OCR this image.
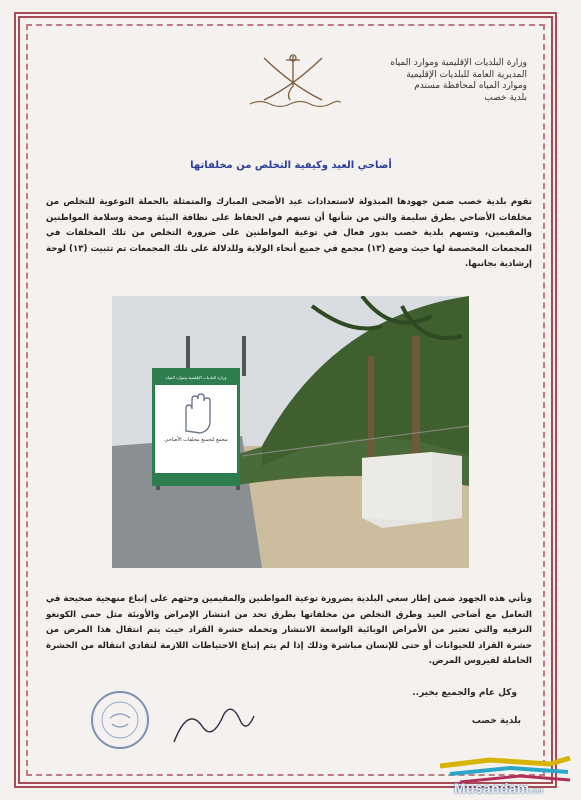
وزارة البلديات الإقليمية وموارد المياه
المديرية العامة للبلديات الإقليمية
وموارد المياه لمحافظة مسندم
بلدية خصب
أضاحي العيد وكيفية التخلص من مخلفاتها
تقوم بلدية خصب ضمن جهودها المبذولة لاستعدادات عيد الأضحى المبارك والمتمثلة بالحملة التوعوية للتخلص من مخلفات الأضاحي بطرق سليمة والتي من شأنها أن تسهم في الحفاظ على نظافة البيئة وصحة وسلامة المواطنين والمقيمين، وتسهم بلدية خصب بدور فعال في توعية المواطنين على ضرورة التخلص من تلك المخلفات في المجمعات المخصصة لها حيث وضع (١٣) مجمع في جميع أنحاء الولاية وللدلالة على تلك المجمعات تم تثبيت (١٣) لوحة إرشادية بجانبها.
وزارة البلديات الإقليمية وموارد المياه
مجمع لتجميع مخلفات الأضاحي
وتأتي هذه الجهود ضمن إطار سعي البلدية بضرورة توعية المواطنين والمقيمين وحثهم على إتباع منهجية صحيحة في التعامل مع أضاحي العيد وطرق التخلص من مخلفاتها بطرق تحد من انتشار الإمراض والأوبئة مثل حمى الكونغو النزفيه والتي تعتبر من الأمراض الوبائية الواسعة الانتشار وتحمله حشرة القراد حيث يتم انتقال هذا المرض من حشرة القراد للحيوانات أو حتى للإنسان مباشرة وذلك إذا لم يتم إتباع الاحتياطات اللازمة لتفادي انتقاله من الحشرة الحاملة لفيروس المرض.
وكل عام والجميع بخير..
بلدية خصب
Musandam.net
